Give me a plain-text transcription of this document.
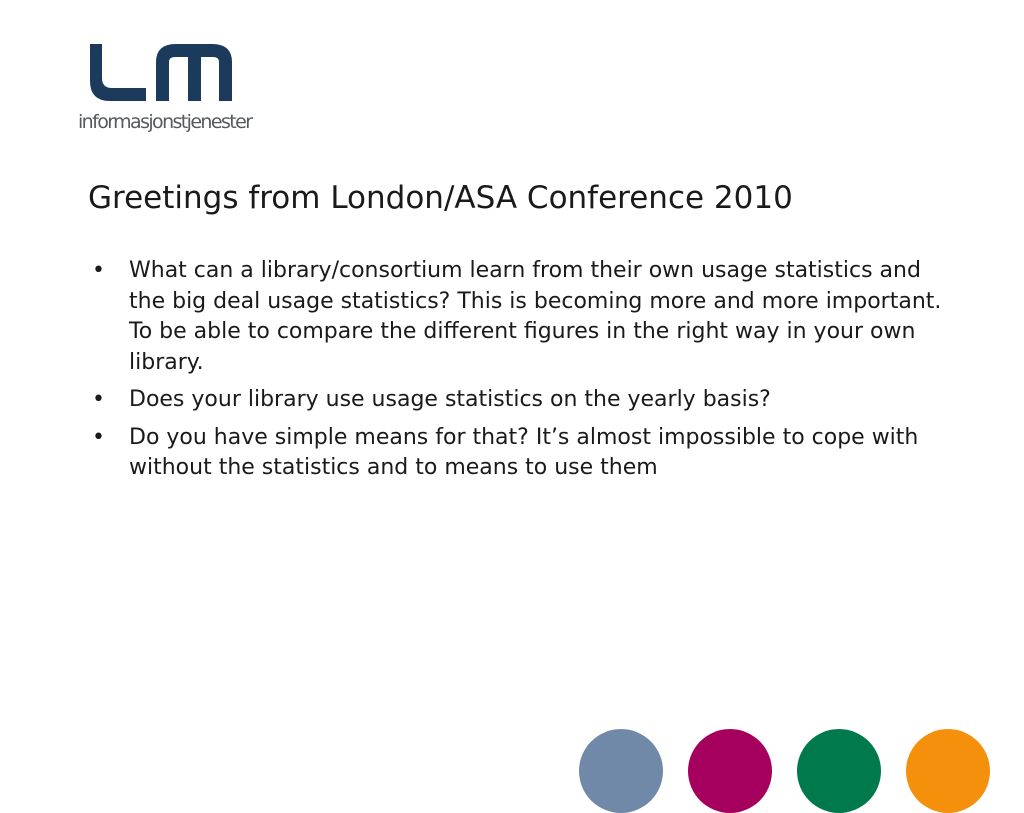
informasjonstjenester
Greetings from London/ASA Conference 2010
• What can a library/consortium learn from their own usage statistics and the big deal usage statistics? This is becoming more and more important. To be able to compare the different figures in the right way in your own library.
• Does your library use usage statistics on the yearly basis?
• Do you have simple means for that? It’s almost impossible to cope with without the statistics and to means to use them
